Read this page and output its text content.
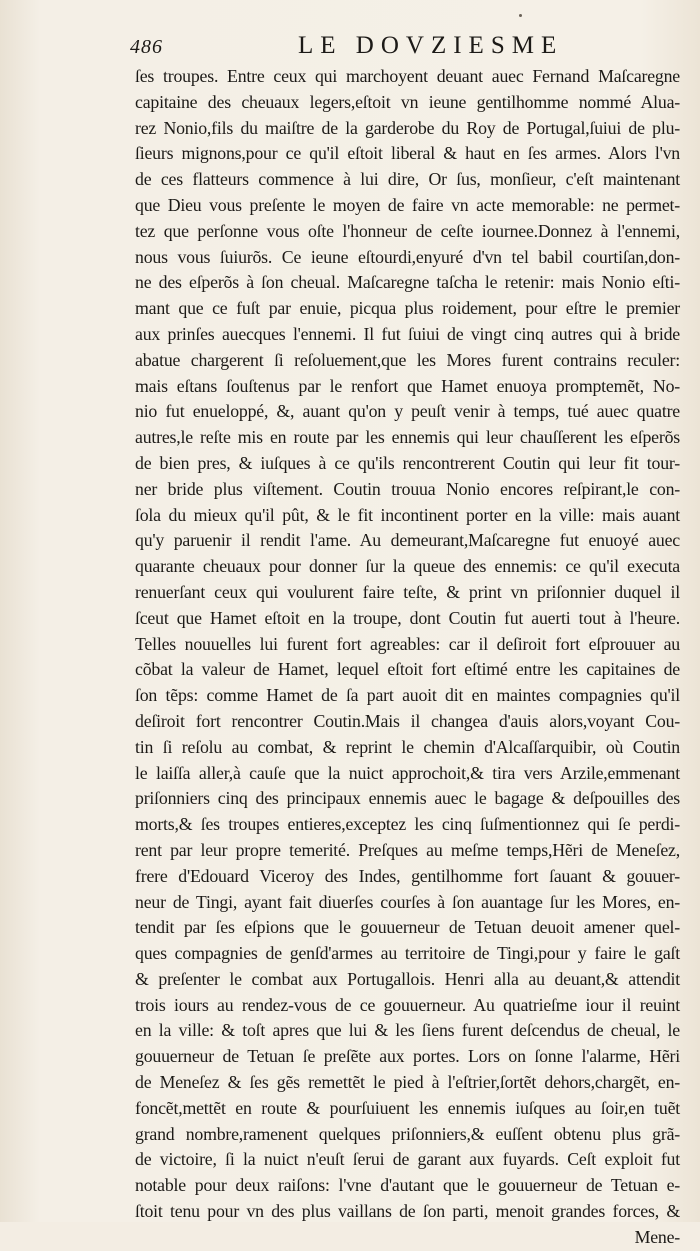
486	LE DOVZIESME
ſes troupes. Entre ceux qui marchoyent deuant auec Fernand Maſcaregne
capitaine des cheuaux legers,eſtoit vn ieune gentilhomme nommé Alua-
rez Nonio,fils du maiſtre de la garderobe du Roy de Portugal,ſuiui de plu-
ſieurs mignons,pour ce qu'il eſtoit liberal & haut en ſes armes. Alors l'vn
de ces flatteurs commence à lui dire, Or ſus, monſieur, c'eſt maintenant
que Dieu vous preſente le moyen de faire vn acte memorable: ne permet-
tez que perſonne vous oſte l'honneur de ceſte iournee.Donnez à l'ennemi,
nous vous ſuiurõs. Ce ieune eſtourdi,enyuré d'vn tel babil courtiſan,don-
ne des eſperõs à ſon cheual. Maſcaregne taſcha le retenir: mais Nonio eſti-
mant que ce fuſt par enuie, picqua plus roidement, pour eſtre le premier
aux prinſes auecques l'ennemi. Il fut ſuiui de vingt cinq autres qui à bride
abatue chargerent ſi reſoluement,que les Mores furent contrains reculer:
mais eſtans ſouſtenus par le renfort que Hamet enuoya promptemẽt, No-
nio fut enueloppé, &, auant qu'on y peuſt venir à temps, tué auec quatre
autres,le reſte mis en route par les ennemis qui leur chauſſerent les eſperõs
de bien pres, & iuſques à ce qu'ils rencontrerent Coutin qui leur fit tour-
ner bride plus viſtement. Coutin trouua Nonio encores reſpirant,le con-
ſola du mieux qu'il pût, & le fit incontinent porter en la ville: mais auant
qu'y paruenir il rendit l'ame. Au demeurant,Maſcaregne fut enuoyé auec
quarante cheuaux pour donner ſur la queue des ennemis: ce qu'il executa
renuerſant ceux qui voulurent faire teſte, & print vn priſonnier duquel il
ſceut que Hamet eſtoit en la troupe, dont Coutin fut auerti tout à l'heure.
Telles nouuelles lui furent fort agreables: car il deſiroit fort eſprouuer au
cõbat la valeur de Hamet, lequel eſtoit fort eſtimé entre les capitaines de
ſon tẽps: comme Hamet de ſa part auoit dit en maintes compagnies qu'il
deſiroit fort rencontrer Coutin.Mais il changea d'auis alors,voyant Cou-
tin ſi reſolu au combat, & reprint le chemin d'Alcaſſarquibir, où Coutin
le laiſſa aller,à cauſe que la nuict approchoit,& tira vers Arzile,emmenant
priſonniers cinq des principaux ennemis auec le bagage & deſpouilles des
morts,& ſes troupes entieres,exceptez les cinq ſuſmentionnez qui ſe perdi-
rent par leur propre temerité. Preſques au meſme temps,Hẽri de Meneſez,
frere d'Edouard Viceroy des Indes, gentilhomme fort ſauant & gouuer-
neur de Tingi, ayant fait diuerſes courſes à ſon auantage ſur les Mores, en-
tendit par ſes eſpions que le gouuerneur de Tetuan deuoit amener quel-
ques compagnies de genſd'armes au territoire de Tingi,pour y faire le gaſt
& preſenter le combat aux Portugallois. Henri alla au deuant,& attendit
trois iours au rendez-vous de ce gouuerneur. Au quatrieſme iour il reuint
en la ville: & toſt apres que lui & les ſiens furent deſcendus de cheual, le
gouuerneur de Tetuan ſe preſẽte aux portes. Lors on ſonne l'alarme, Hẽri
de Meneſez & ſes gẽs remettẽt le pied à l'eſtrier,ſortẽt dehors,chargẽt, en-
foncẽt,mettẽt en route & pourſuiuent les ennemis iuſques au ſoir,en tuẽt
grand nombre,ramenent quelques priſonniers,& euſſent obtenu plus grã-
de victoire, ſi la nuict n'euſt ſerui de garant aux fuyards. Ceſt exploit fut
notable pour deux raiſons: l'vne d'autant que le gouuerneur de Tetuan e-
ſtoit tenu pour vn des plus vaillans de ſon parti, menoit grandes forces, &
Mene-
